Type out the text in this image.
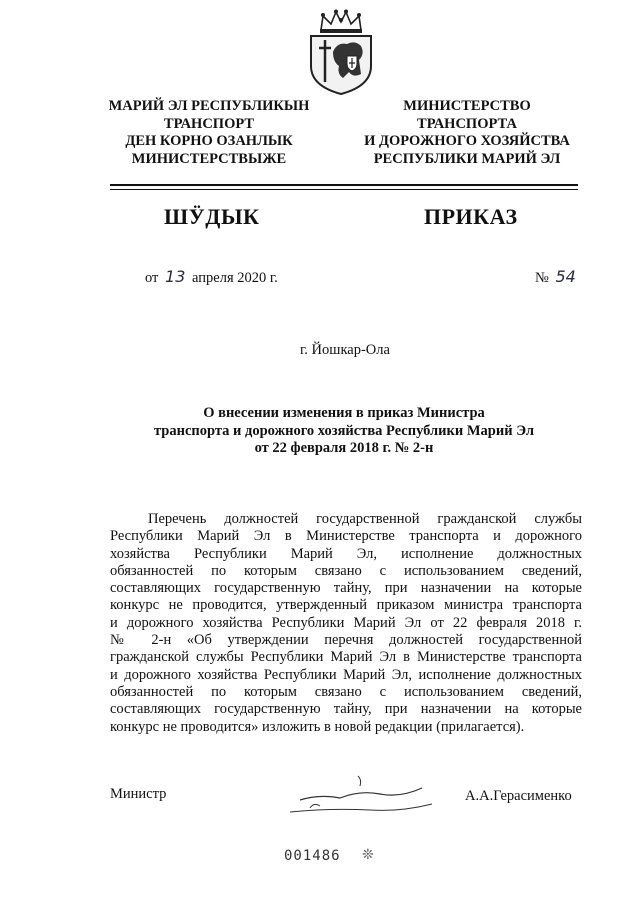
МАРИЙ ЭЛ РЕСПУБЛИКЫН
ТРАНСПОРТ
ДЕН КОРНО ОЗАНЛЫК
МИНИСТЕРСТВЫЖЕ
МИНИСТЕРСТВО
ТРАНСПОРТА
И ДОРОЖНОГО ХОЗЯЙСТВА
РЕСПУБЛИКИ МАРИЙ ЭЛ
ШӰДЫК	ПРИКАЗ
от 13 апреля 2020 г.	№ 54
г. Йошкар-Ола
О внесении изменения в приказ Министра
транспорта и дорожного хозяйства Республики Марий Эл
от 22 февраля 2018 г. № 2-н
Перечень должностей государственной гражданской службы
Республики Марий Эл в Министерстве транспорта и дорожного
хозяйства Республики Марий Эл, исполнение должностных
обязанностей по которым связано с использованием сведений,
составляющих государственную тайну, при назначении на которые
конкурс не проводится, утвержденный приказом министра транспорта
и дорожного хозяйства Республики Марий Эл от 22 февраля 2018 г.
№ 2-н «Об утверждении перечня должностей государственной
гражданской службы Республики Марий Эл в Министерстве транспорта
и дорожного хозяйства Республики Марий Эл, исполнение должностных
обязанностей по которым связано с использованием сведений,
составляющих государственную тайну, при назначении на которые
конкурс не проводится» изложить в новой редакции (прилагается).
Министр	А.А.Герасименко
001486 ❊
